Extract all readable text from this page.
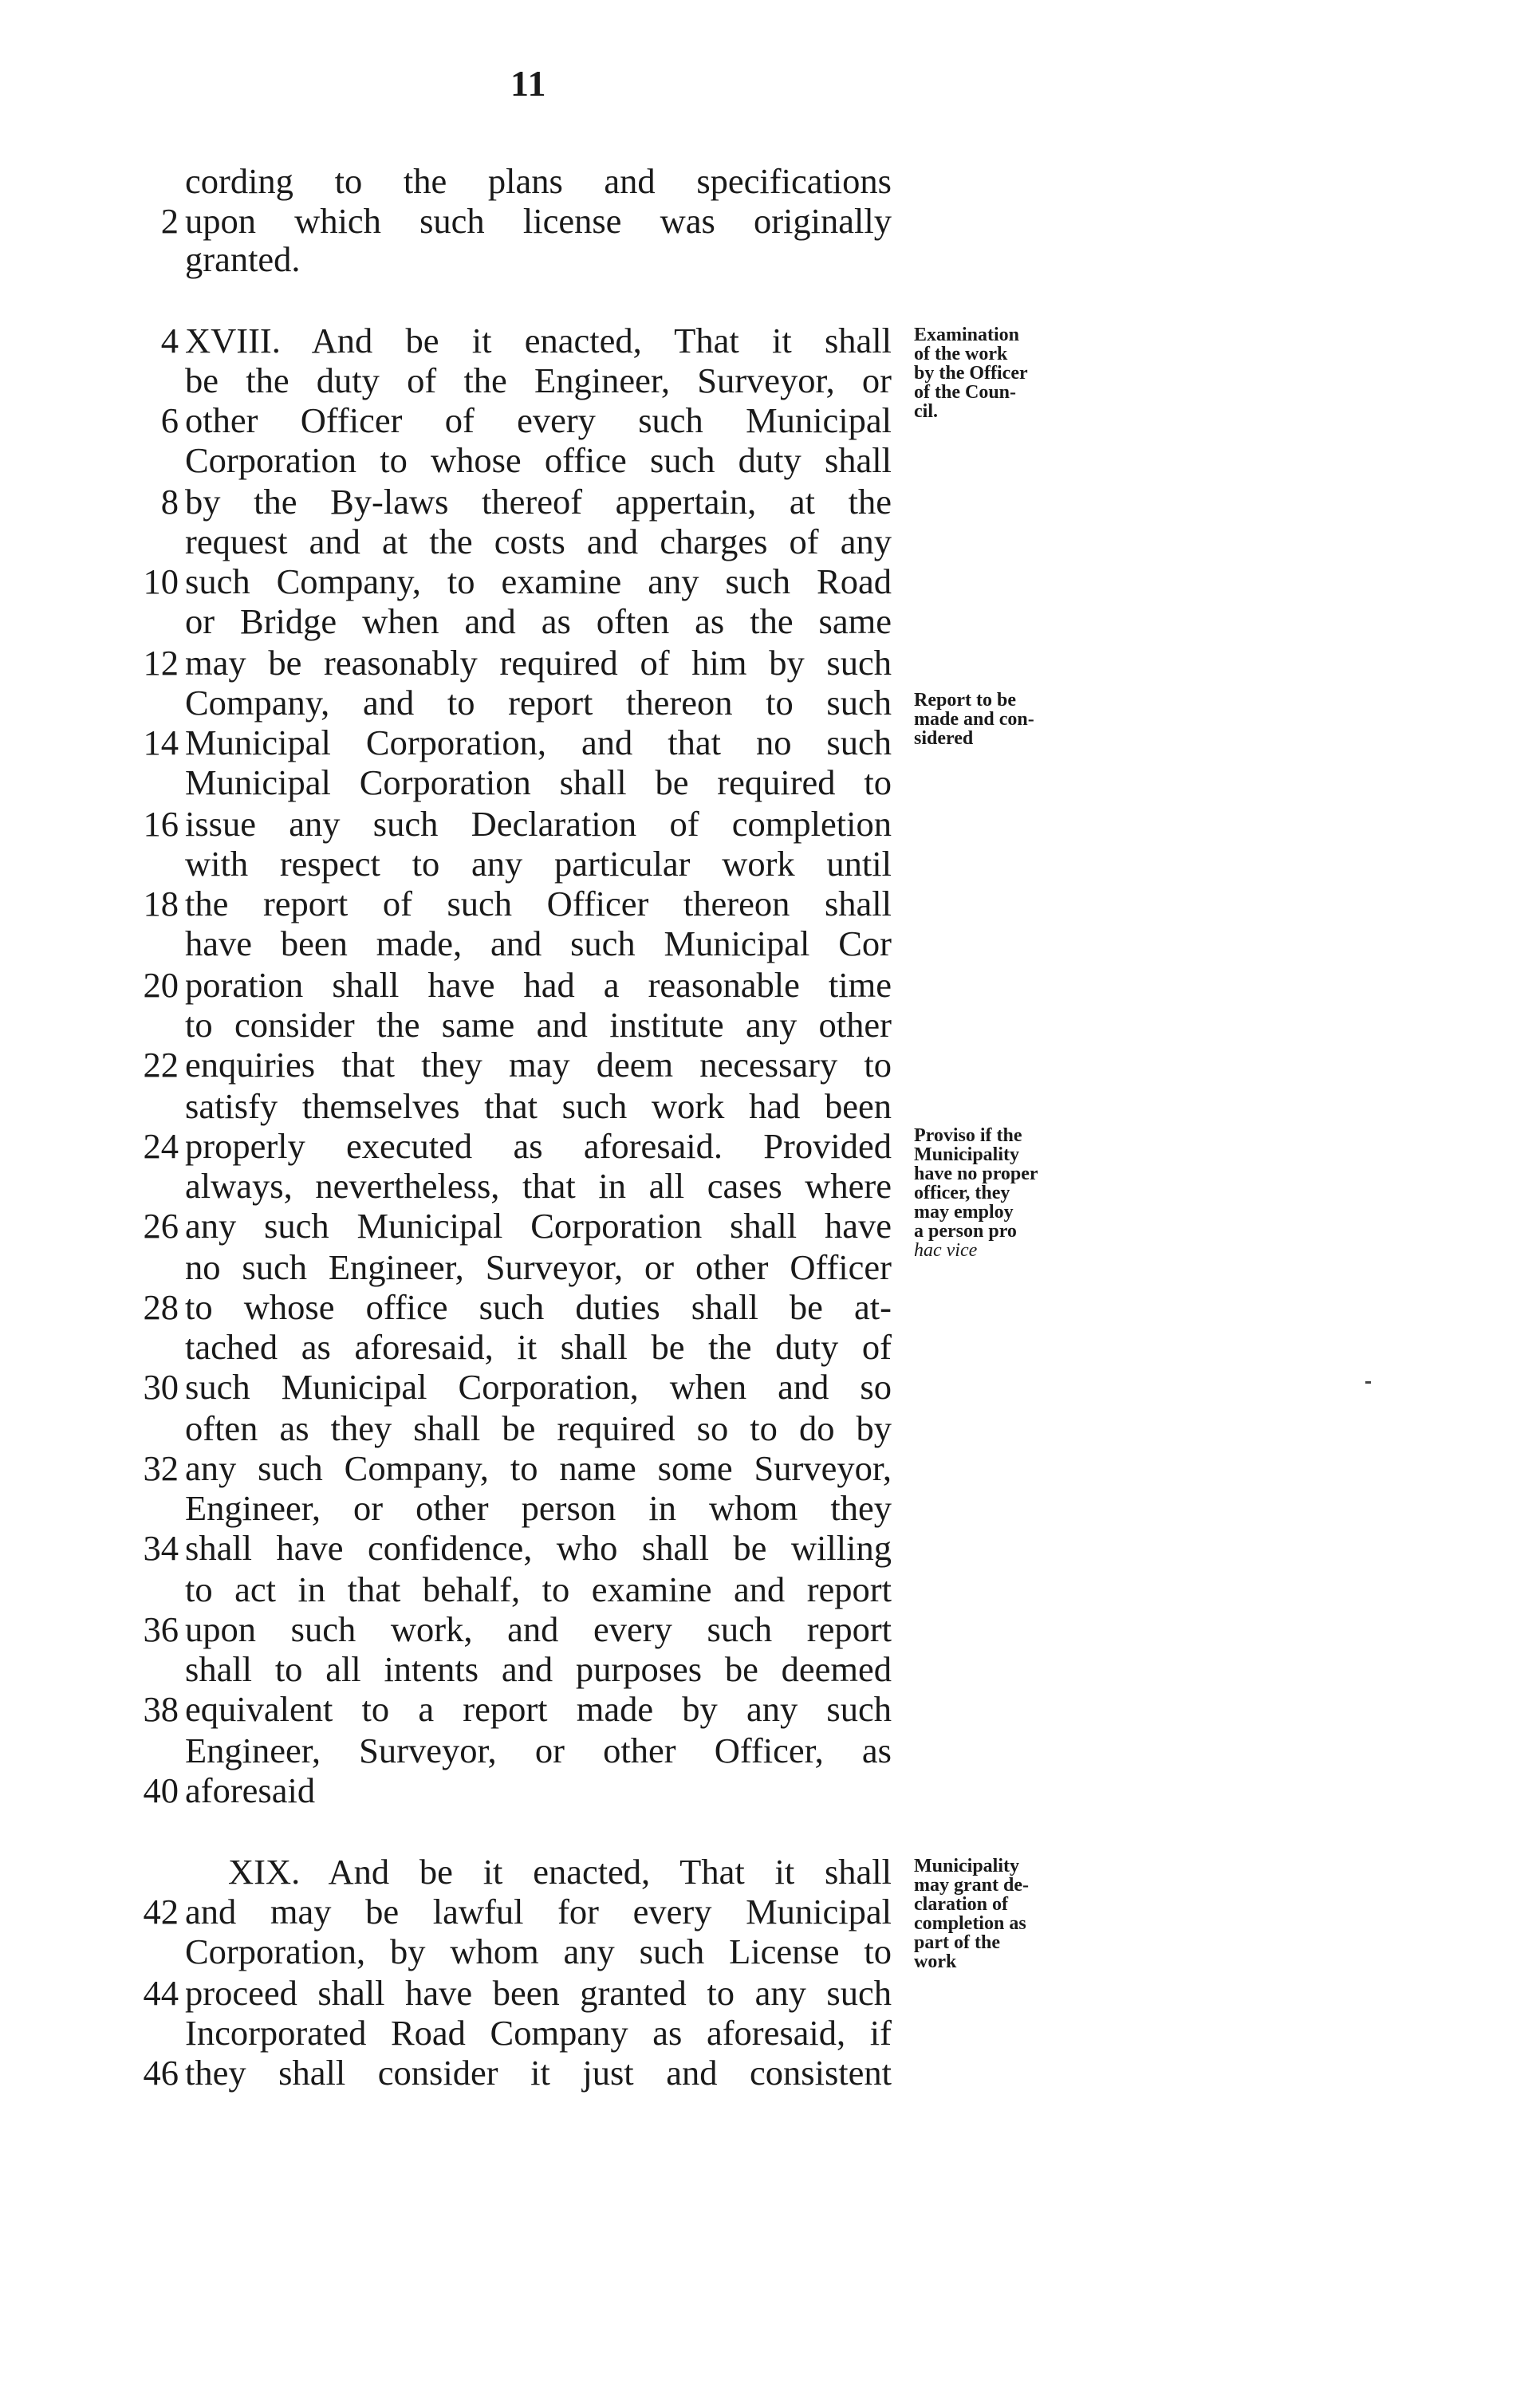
11
cording to the plans and specifications
upon which such license was originally
2
granted.
XVIII. And be it enacted, That it shall
4
be the duty of the Engineer, Surveyor, or
other Officer of every such Municipal
6
Corporation to whose office such duty shall
by the By-laws thereof appertain, at the
8
request and at the costs and charges of any
such Company, to examine any such Road
10
or Bridge when and as often as the same
may be reasonably required of him by such
12
Company, and to report thereon to such
Municipal Corporation, and that no such
14
Municipal Corporation shall be required to
issue any such Declaration of completion
16
with respect to any particular work until
the report of such Officer thereon shall
18
have been made, and such Municipal Cor
poration shall have had a reasonable time
20
to consider the same and institute any other
enquiries that they may deem necessary to
22
satisfy themselves that such work had been
properly executed as aforesaid. Provided
24
always, nevertheless, that in all cases where
any such Municipal Corporation shall have
26
no such Engineer, Surveyor, or other Officer
to whose office such duties shall be at-
28
tached as aforesaid, it shall be the duty of
such Municipal Corporation, when and so
30
often as they shall be required so to do by
any such Company, to name some Surveyor,
32
Engineer, or other person in whom they
shall have confidence, who shall be willing
34
to act in that behalf, to examine and report
upon such work, and every such report
36
shall to all intents and purposes be deemed
equivalent to a report made by any such
38
Engineer, Surveyor, or other Officer, as
aforesaid
40
XIX. And be it enacted, That it shall
and may be lawful for every Municipal
42
Corporation, by whom any such License to
proceed shall have been granted to any such
44
Incorporated Road Company as aforesaid, if
they shall consider it just and consistent
46
Examination
of the work
by the Officer
of the Coun-
cil.
Report to be
made and con-
sidered
Proviso if the
Municipality
have no proper
officer, they
may employ
a person pro
hac vice
Municipality
may grant de-
claration of
completion as
part of the
work
